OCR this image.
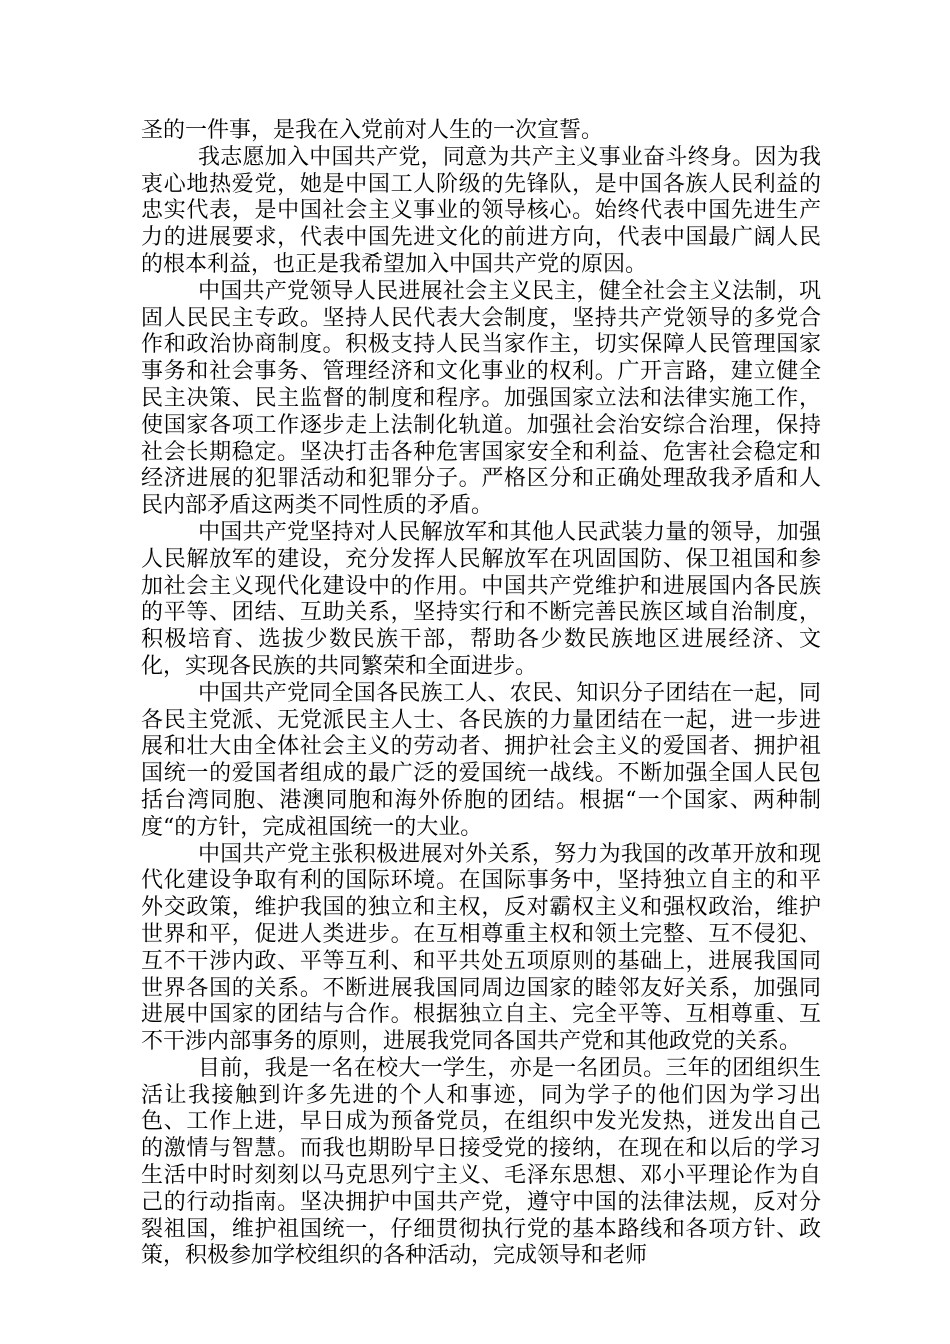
圣的一件事，是我在入党前对人生的一次宣誓。

我志愿加入中国共产党，同意为共产主义事业奋斗终身。因为我衷心地热爱党，她是中国工人阶级的先锋队，是中国各族人民利益的忠实代表，是中国社会主义事业的领导核心。始终代表中国先进生产力的进展要求，代表中国先进文化的前进方向，代表中国最广阔人民的根本利益，也正是我希望加入中国共产党的原因。

中国共产党领导人民进展社会主义民主，健全社会主义法制，巩固人民民主专政。坚持人民代表大会制度，坚持共产党领导的多党合作和政治协商制度。积极支持人民当家作主，切实保障人民管理国家事务和社会事务、管理经济和文化事业的权利。广开言路，建立健全民主决策、民主监督的制度和程序。加强国家立法和法律实施工作，使国家各项工作逐步走上法制化轨道。加强社会治安综合治理，保持社会长期稳定。坚决打击各种危害国家安全和利益、危害社会稳定和经济进展的犯罪活动和犯罪分子。严格区分和正确处理敌我矛盾和人民内部矛盾这两类不同性质的矛盾。

中国共产党坚持对人民解放军和其他人民武装力量的领导，加强人民解放军的建设，充分发挥人民解放军在巩固国防、保卫祖国和参加社会主义现代化建设中的作用。中国共产党维护和进展国内各民族的平等、团结、互助关系，坚持实行和不断完善民族区域自治制度，积极培育、选拔少数民族干部，帮助各少数民族地区进展经济、文化，实现各民族的共同繁荣和全面进步。

中国共产党同全国各民族工人、农民、知识分子团结在一起，同各民主党派、无党派民主人士、各民族的力量团结在一起，进一步进展和壮大由全体社会主义的劳动者、拥护社会主义的爱国者、拥护祖国统一的爱国者组成的最广泛的爱国统一战线。不断加强全国人民包括台湾同胞、港澳同胞和海外侨胞的团结。根据“一个国家、两种制度“的方针，完成祖国统一的大业。

中国共产党主张积极进展对外关系，努力为我国的改革开放和现代化建设争取有利的国际环境。在国际事务中，坚持独立自主的和平外交政策，维护我国的独立和主权，反对霸权主义和强权政治，维护世界和平，促进人类进步。在互相尊重主权和领土完整、互不侵犯、互不干涉内政、平等互利、和平共处五项原则的基础上，进展我国同世界各国的关系。不断进展我国同周边国家的睦邻友好关系，加强同进展中国家的团结与合作。根据独立自主、完全平等、互相尊重、互不干涉内部事务的原则，进展我党同各国共产党和其他政党的关系。

目前，我是一名在校大一学生，亦是一名团员。三年的团组织生活让我接触到许多先进的个人和事迹，同为学子的他们因为学习出色、工作上进，早日成为预备党员，在组织中发光发热，迸发出自己的激情与智慧。而我也期盼早日接受党的接纳，在现在和以后的学习生活中时时刻刻以马克思列宁主义、毛泽东思想、邓小平理论作为自己的行动指南。坚决拥护中国共产党，遵守中国的法律法规，反对分裂祖国，维护祖国统一，仔细贯彻执行党的基本路线和各项方针、政策，积极参加学校组织的各种活动，完成领导和老师
